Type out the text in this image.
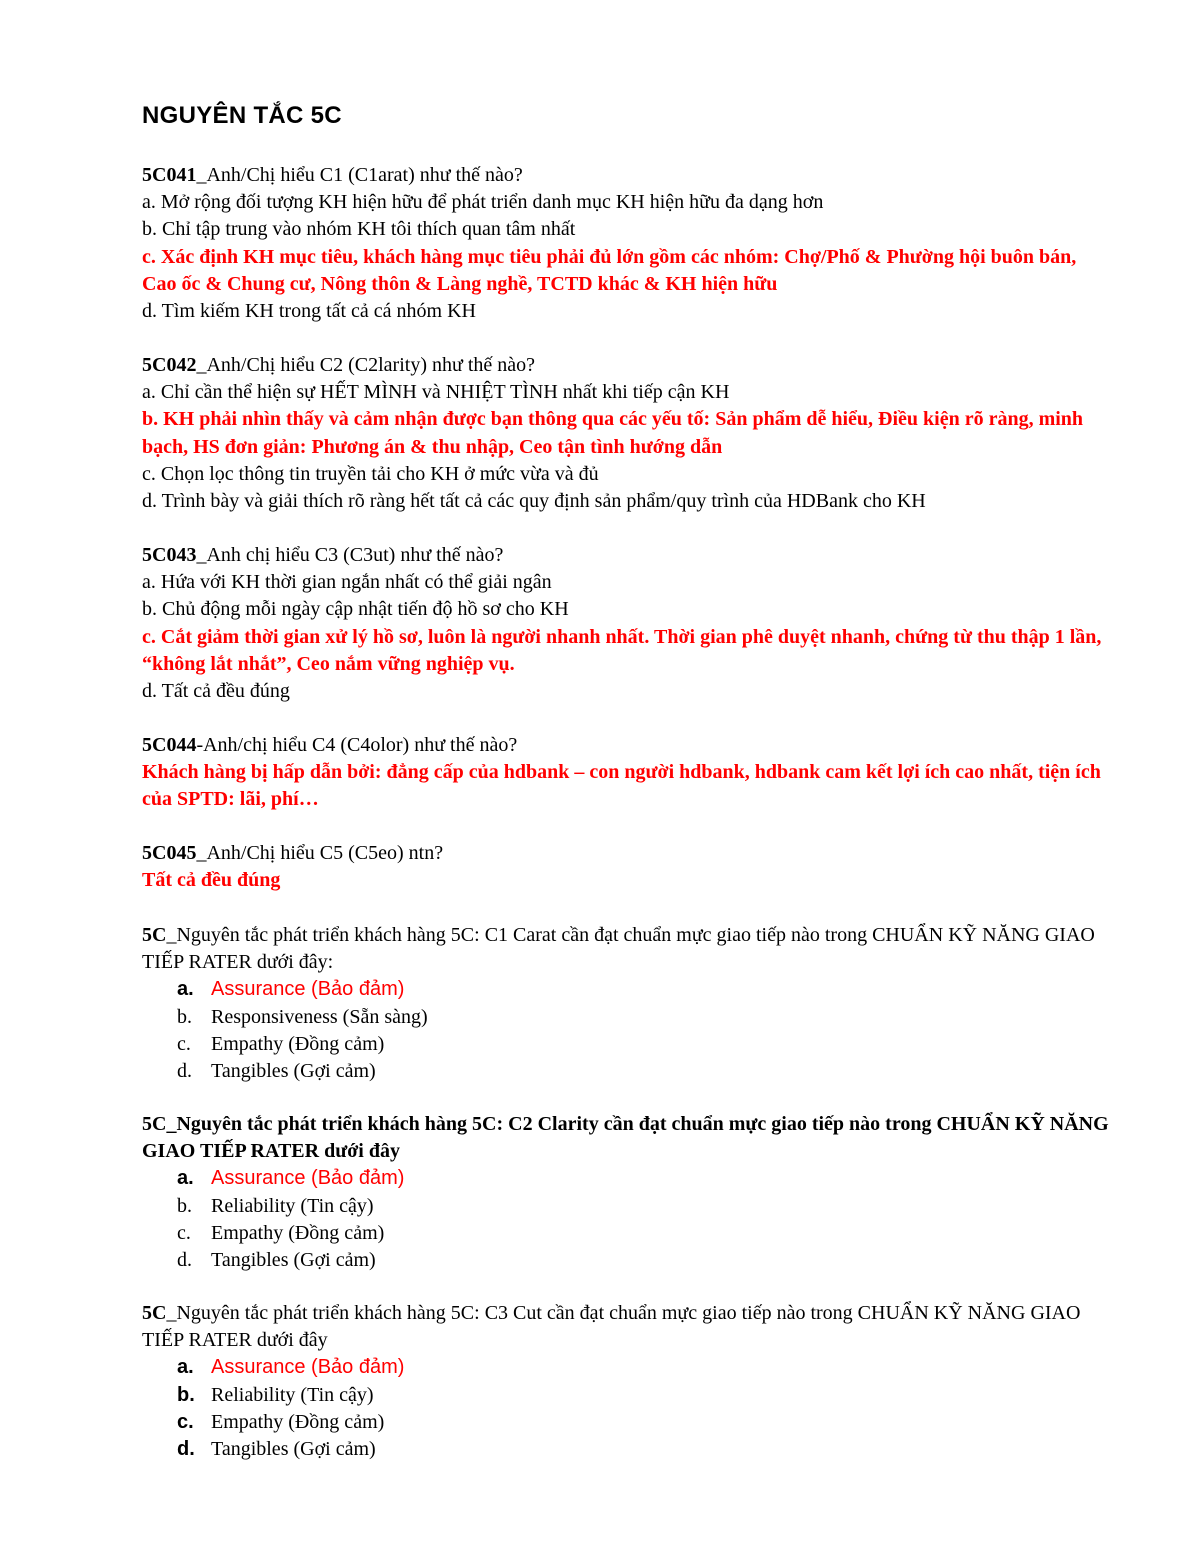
NGUYÊN TẮC 5C
5C041_Anh/Chị hiểu C1 (C1arat) như thế nào?
a. Mở rộng đối tượng KH hiện hữu để phát triển danh mục KH hiện hữu đa dạng hơn
b. Chỉ tập trung vào nhóm KH tôi thích quan tâm nhất
c. Xác định KH mục tiêu, khách hàng mục tiêu phải đủ lớn gồm các nhóm: Chợ/Phố & Phường hội buôn bán, Cao ốc & Chung cư, Nông thôn & Làng nghề, TCTD khác & KH hiện hữu
d. Tìm kiếm KH trong tất cả cá nhóm KH
5C042_Anh/Chị hiểu C2 (C2larity) như thế nào?
a. Chỉ cần thể hiện sự HẾT MÌNH và NHIỆT TÌNH nhất khi tiếp cận KH
b. KH phải nhìn thấy và cảm nhận được bạn thông qua các yếu tố: Sản phẩm dễ hiểu, Điều kiện rõ ràng, minh bạch, HS đơn giản: Phương án & thu nhập, Ceo tận tình hướng dẫn
c. Chọn lọc thông tin truyền tải cho KH ở mức vừa và đủ
d. Trình bày và giải thích rõ ràng hết tất cả các quy định sản phẩm/quy trình của HDBank cho KH
5C043_Anh chị hiểu C3 (C3ut) như thế nào?
a. Hứa với KH thời gian ngắn nhất có thể giải ngân
b. Chủ động mỗi ngày cập nhật tiến độ hồ sơ cho KH
c. Cắt giảm thời gian xử lý hồ sơ, luôn là người nhanh nhất. Thời gian phê duyệt nhanh, chứng từ thu thập 1 lần, “không lắt nhắt”, Ceo nắm vững nghiệp vụ.
d. Tất cả đều đúng
5C044-Anh/chị hiểu C4 (C4olor) như thế nào?
Khách hàng bị hấp dẫn bởi: đẳng cấp của hdbank – con người hdbank, hdbank cam kết lợi ích cao nhất, tiện ích của SPTD: lãi, phí…
5C045_Anh/Chị hiểu C5 (C5eo) ntn?
Tất cả đều đúng
5C_Nguyên tắc phát triển khách hàng 5C: C1 Carat cần đạt chuẩn mực giao tiếp nào trong CHUẨN KỸ NĂNG GIAO TIẾP RATER dưới đây:
a. Assurance (Bảo đảm)
b. Responsiveness (Sẵn sàng)
c.	Empathy (Đồng cảm)
d. Tangibles (Gợi cảm)
5C_Nguyên tắc phát triển khách hàng 5C: C2 Clarity cần đạt chuẩn mực giao tiếp nào trong CHUẨN KỸ NĂNG GIAO TIẾP RATER dưới đây
a. Assurance (Bảo đảm)
b. Reliability (Tin cậy)
c.	Empathy (Đồng cảm)
d. Tangibles (Gợi cảm)
5C_Nguyên tắc phát triển khách hàng 5C: C3 Cut cần đạt chuẩn mực giao tiếp nào trong CHUẨN KỸ NĂNG GIAO TIẾP RATER dưới đây
a. Assurance (Bảo đảm)
b. Reliability (Tin cậy)
c. Empathy (Đồng cảm)
d. Tangibles (Gợi cảm)
